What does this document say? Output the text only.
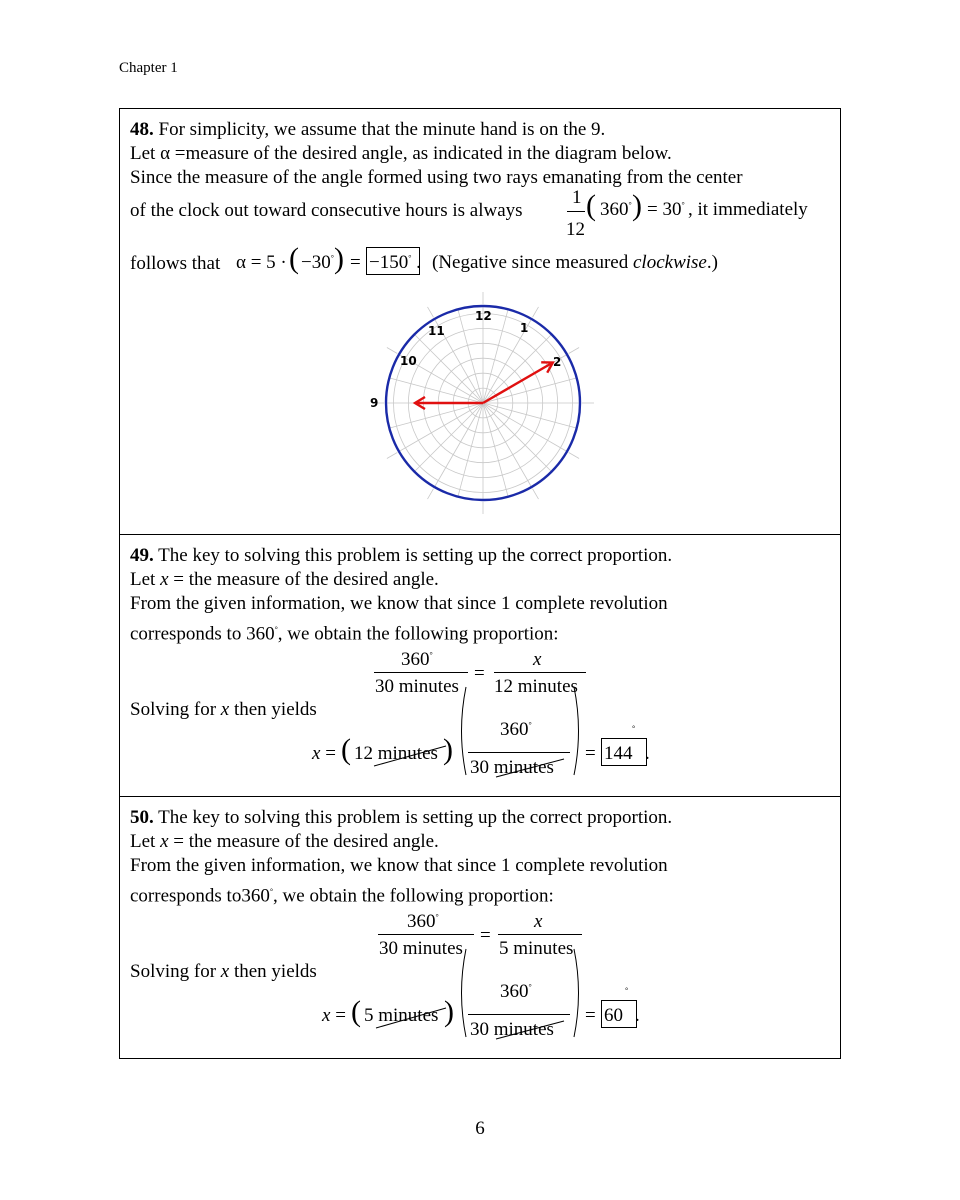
Chapter 1
48. For simplicity, we assume that the minute hand is on the 9.
Let α =measure of the desired angle, as indicated in the diagram below.
Since the measure of the angle formed using two rays emanating from the center
of the clock out toward consecutive hours is always
1
12
( 360° ) = 30° , it immediately
follows that α = 5 · ( −30° ) = −150° . (Negative since measured clockwise.)
12
1
2
9
10
11
49. The key to solving this problem is setting up the correct proportion.
Let x = the measure of the desired angle.
From the given information, we know that since 1 complete revolution
corresponds to 360°, we obtain the following proportion:
360°
30 minutes
=
x
12 minutes
Solving for x then yields
x = ( 12 minutes )
360°
30 minutes
= 144
°
.
50. The key to solving this problem is setting up the correct proportion.
Let x = the measure of the desired angle.
From the given information, we know that since 1 complete revolution
corresponds to360°, we obtain the following proportion:
360°
30 minutes
=
x
5 minutes
Solving for x then yields
x = ( 5 minutes )
360°
30 minutes
= 60
°
.
6
